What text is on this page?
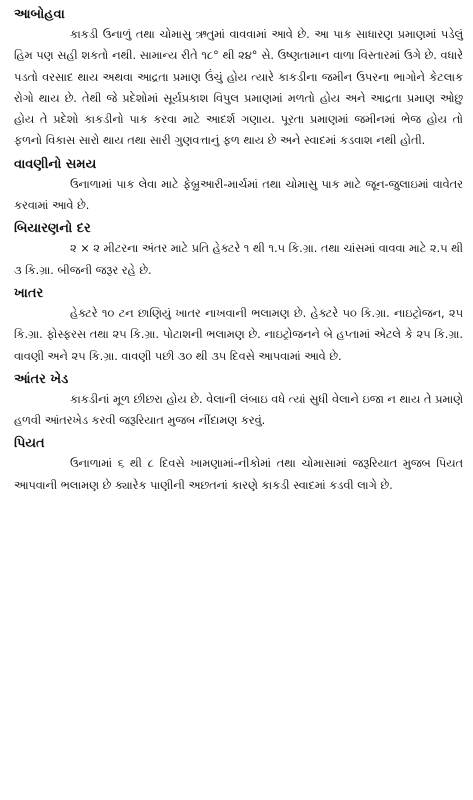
આબોહવા

કાકડી ઉનાળું તથા ચોમાસુ ઋતુમાં વાવવામાં આવે છે. આ પાક સાધારણ પ્રમાણમાં પડેલું હિમ પણ સહી શકતો નથી. સામાન્ય રીતે ૧૮° થી ૨૪° સે. ઉષ્ણતામાન વાળા વિસ્તારમાં ઉગે છે. વધારે પડતો વરસાદ થાય અથવા આદ્રતા પ્રમાણ ઉંચું હોય ત્યારે કાકડીના જમીન ઉપરના ભાગોને કેટલાક રોગો થાય છે. તેથી જે પ્રદેશોમાં સૂર્યપ્રકાશ વિપુલ પ્રમાણમાં મળતો હોય અને આદ્રતા પ્રમાણ ઓછુ હોય તે પ્રદેશો કાકડીનો પાક કરવા માટે આદર્શ ગણાય. પૂરતા પ્રમાણમાં જમીનમાં ભેજ હોય તો ફળનો વિકાસ સારો થાય તથા સારી ગુણવત્તાનું ફળ થાય છે અને સ્વાદમાં કડવાશ નથી હોતી.

વાવણીનો સમય

ઉનાળામાં પાક લેવા માટે ફેબ્રુઆરી-માર્ચમાં તથા ચોમાસુ પાક માટે જૂન-જુલાઇમાં વાવેતર કરવામાં આવે છે.

બિયારણનો દર

૨ × ૨ મીટરના અંતર માટે પ્રતિ હેક્ટરે ૧ થી ૧.૫ કિ.ગ્રા. તથા ચાંસમાં વાવવા માટે ૨.૫ થી ૩ કિ.ગ્રા. બીજની જરૂર રહે છે.

ખાતર

હેક્ટરે ૧૦ ટન છાણિયું ખાતર નાખવાની ભલામણ છે. હેક્ટરે ૫૦ કિ.ગ્રા. નાઇટ્રોજન, ૨૫ કિ.ગ્રા. ફોસ્ફરસ તથા ૨૫ કિ.ગ્રા. પોટાશની ભલામણ છે. નાઇટ્રોજનને બે હપ્તામાં એટલે કે ૨૫ કિ.ગ્રા. વાવણી અને ૨૫ કિ.ગ્રા. વાવણી પછી ૩૦ થી ૩૫ દિવસે આપવામાં આવે છે.

આંતર ખેડ

કાકડીનાં મૂળ છીછરા હોય છે. વેલાની લંબાઇ વધે ત્યાં સુધી વેલાને ઇજા ન થાય તે પ્રમાણે હળવી આંતરખેડ કરવી જરૂરિયાત મુજબ નીંદામણ કરવું.

પિયત

ઉનાળામાં ૬ થી ૮ દિવસે ખામણામાં-નીકોમાં તથા ચોમાસામાં જરૂરિયાત મુજબ પિયત આપવાની ભલામણ છે ક્યારેક પાણીની અછતનાં કારણે કાકડી સ્વાદમાં કડવી લાગે છે.
